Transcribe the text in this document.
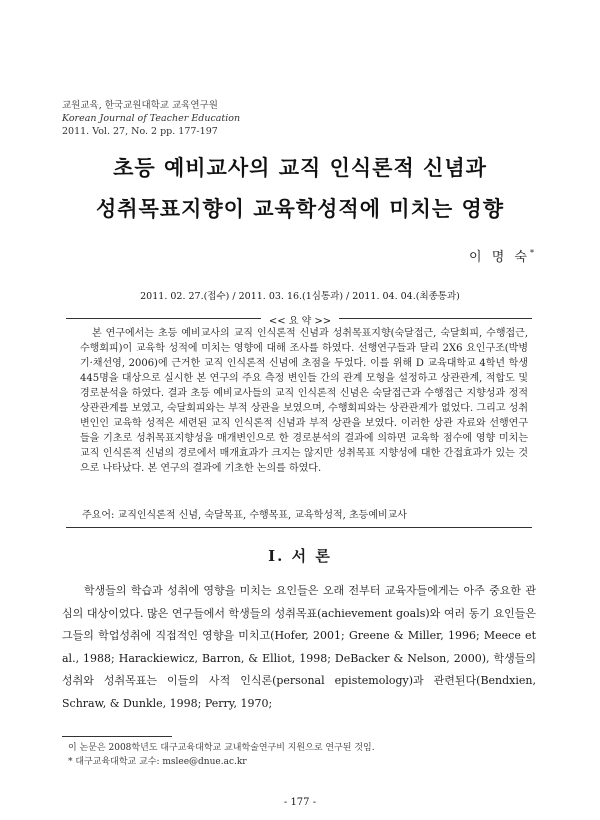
교원교육, 한국교원대학교 교육연구원
Korean Journal of Teacher Education
2011. Vol. 27, No. 2 pp. 177-197
초등 예비교사의 교직 인식론적 신념과
성취목표지향이 교육학성적에 미치는 영향
이 명 숙*
2011. 02. 27.(접수) / 2011. 03. 16.(1심통과) / 2011. 04. 04.(최종통과)
<< 요 약 >>

본 연구에서는 초등 예비교사의 교직 인식론적 신념과 성취목표지향(숙달접근, 숙달회피, 수행접근, 수행회피)이 교육학 성적에 미치는 영향에 대해 조사를 하였다. 선행연구들과 달리 2X6 요인구조(박병기·채선영, 2006)에 근거한 교직 인식론적 신념에 초점을 두었다. 이를 위해 D 교육대학교 4학년 학생 445명을 대상으로 실시한 본 연구의 주요 측정 변인들 간의 관계 모형을 설정하고 상관관계, 적합도 및 경로분석을 하였다. 결과 초등 예비교사들의 교직 인식론적 신념은 숙달접근과 수행접근 지향성과 정적 상관관계를 보였고, 숙달회피와는 부적 상관을 보였으며, 수행회피와는 상관관계가 없었다. 그리고 성취 변인인 교육학 성적은 세련된 교직 인식론적 신념과 부적 상관을 보였다. 이러한 상관 자료와 선행연구들을 기초로 성취목표지향성을 매개변인으로 한 경로분석의 결과에 의하면 교육학 점수에 영향 미치는 교직 인식론적 신념의 경로에서 매개효과가 크지는 않지만 성취목표 지향성에 대한 간접효과가 있는 것으로 나타났다. 본 연구의 결과에 기초한 논의를 하였다.

주요어: 교직인식론적 신념, 숙달목표, 수행목표, 교육학성적, 초등예비교사
Ⅰ. 서 론

학생들의 학습과 성취에 영향을 미치는 요인들은 오래 전부터 교육자들에게는 아주 중요한 관심의 대상이었다. 많은 연구들에서 학생들의 성취목표(achievement goals)와 여러 동기 요인들은 그들의 학업성취에 직접적인 영향을 미치고(Hofer, 2001; Greene & Miller, 1996; Meece et al., 1988; Harackiewicz, Barron, & Elliot, 1998; DeBacker & Nelson, 2000), 학생들의 성취와 성취목표는 이들의 사적 인식론(personal epistemology)과 관련된다(Bendxien, Schraw, & Dunkle, 1998; Perry, 1970;

이 논문은 2008학년도 대구교육대학교 교내학술연구비 지원으로 연구된 것임.
* 대구교육대학교 교수: mslee@dnue.ac.kr
- 177 -
